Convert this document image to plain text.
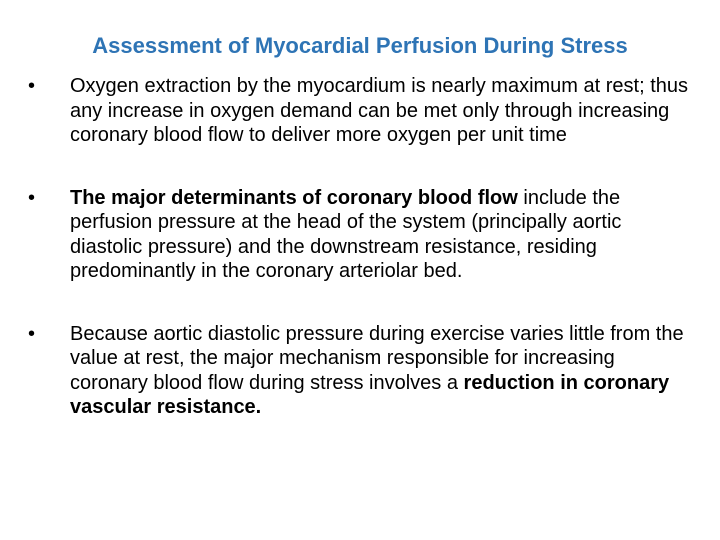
Assessment of Myocardial Perfusion During Stress
•	Oxygen extraction by the myocardium is nearly maximum at rest; thus any increase in oxygen demand can be met only through increasing coronary blood flow to deliver more oxygen per unit time
•	The major determinants of coronary blood flow include the perfusion pressure at the head of the system (principally aortic diastolic pressure) and the downstream resistance, residing predominantly in the coronary arteriolar bed.
•	Because aortic diastolic pressure during exercise varies little from the value at rest, the major mechanism responsible for increasing coronary blood flow during stress involves a reduction in coronary vascular resistance.
